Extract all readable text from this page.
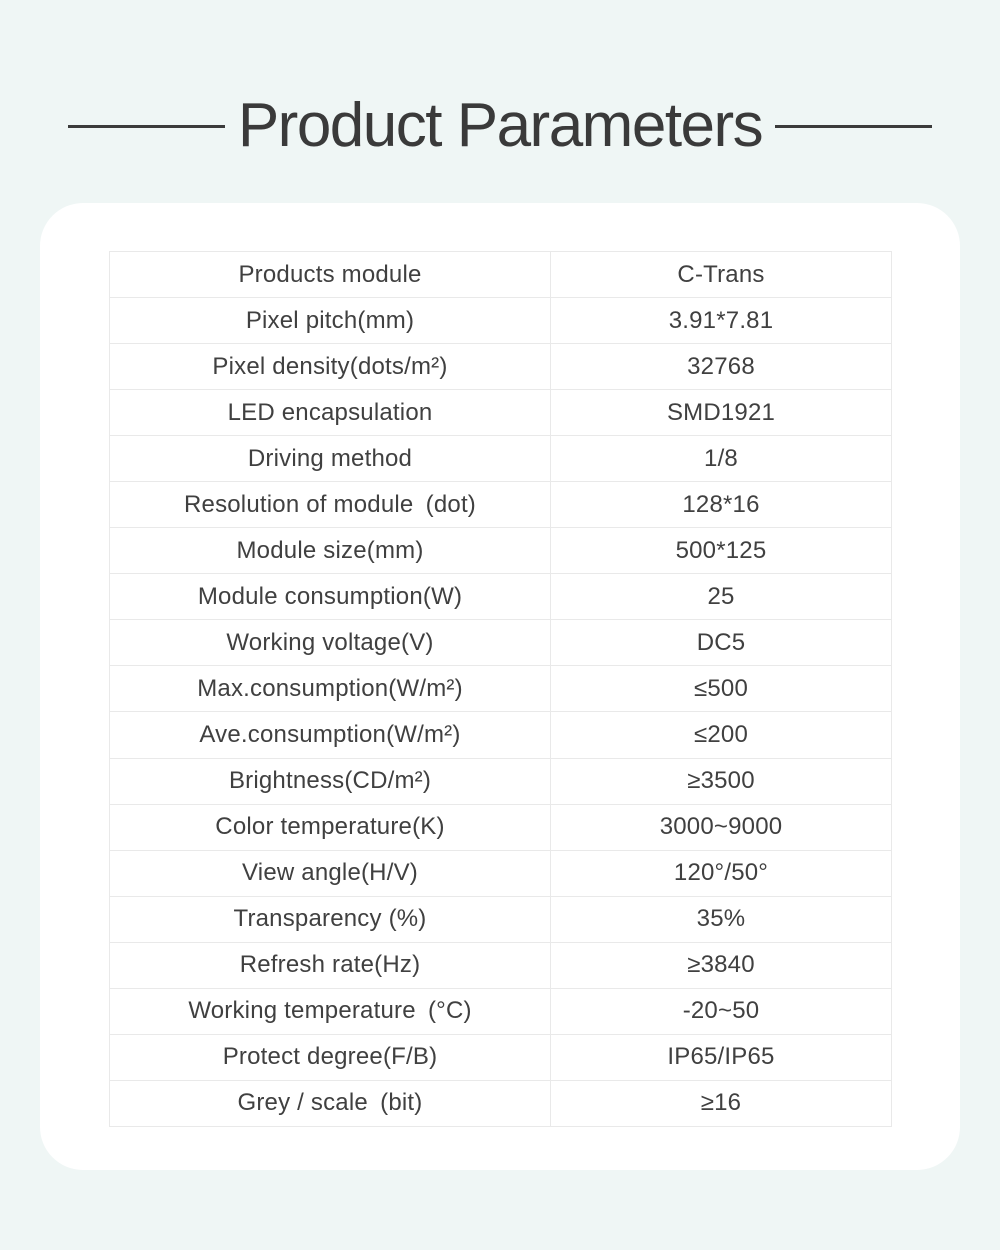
Product Parameters
Products module	C-Trans
Pixel pitch(mm)	3.91*7.81
Pixel density(dots/m²)	32768
LED encapsulation	SMD1921
Driving method	1/8
Resolution of module (dot)	128*16
Module size(mm)	500*125
Module consumption(W)	25
Working voltage(V)	DC5
Max.consumption(W/m²)	≤500
Ave.consumption(W/m²)	≤200
Brightness(CD/m²)	≥3500
Color temperature(K)	3000~9000
View angle(H/V)	120°/50°
Transparency (%)	35%
Refresh rate(Hz)	≥3840
Working temperature (°C)	-20~50
Protect degree(F/B)	IP65/IP65
Grey / scale (bit)	≥16
